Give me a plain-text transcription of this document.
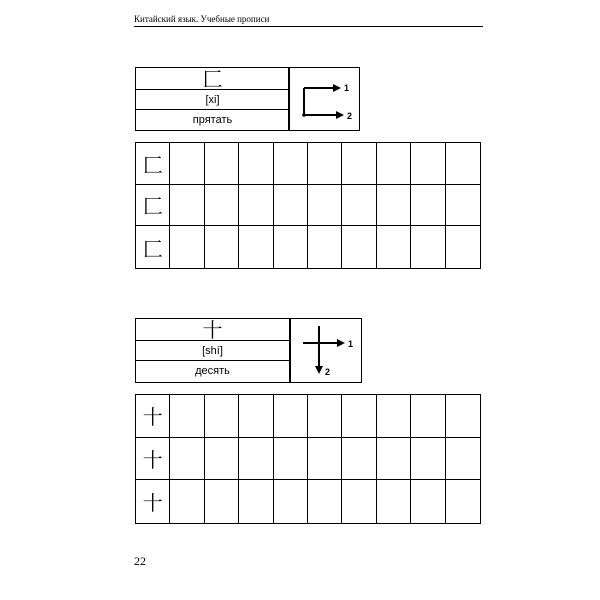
Китайский язык. Учебные прописи
匚
[xi]
прятать
1
2
匚
匚
匚
十
[shí]
десять
1
2
十
十
十
22
